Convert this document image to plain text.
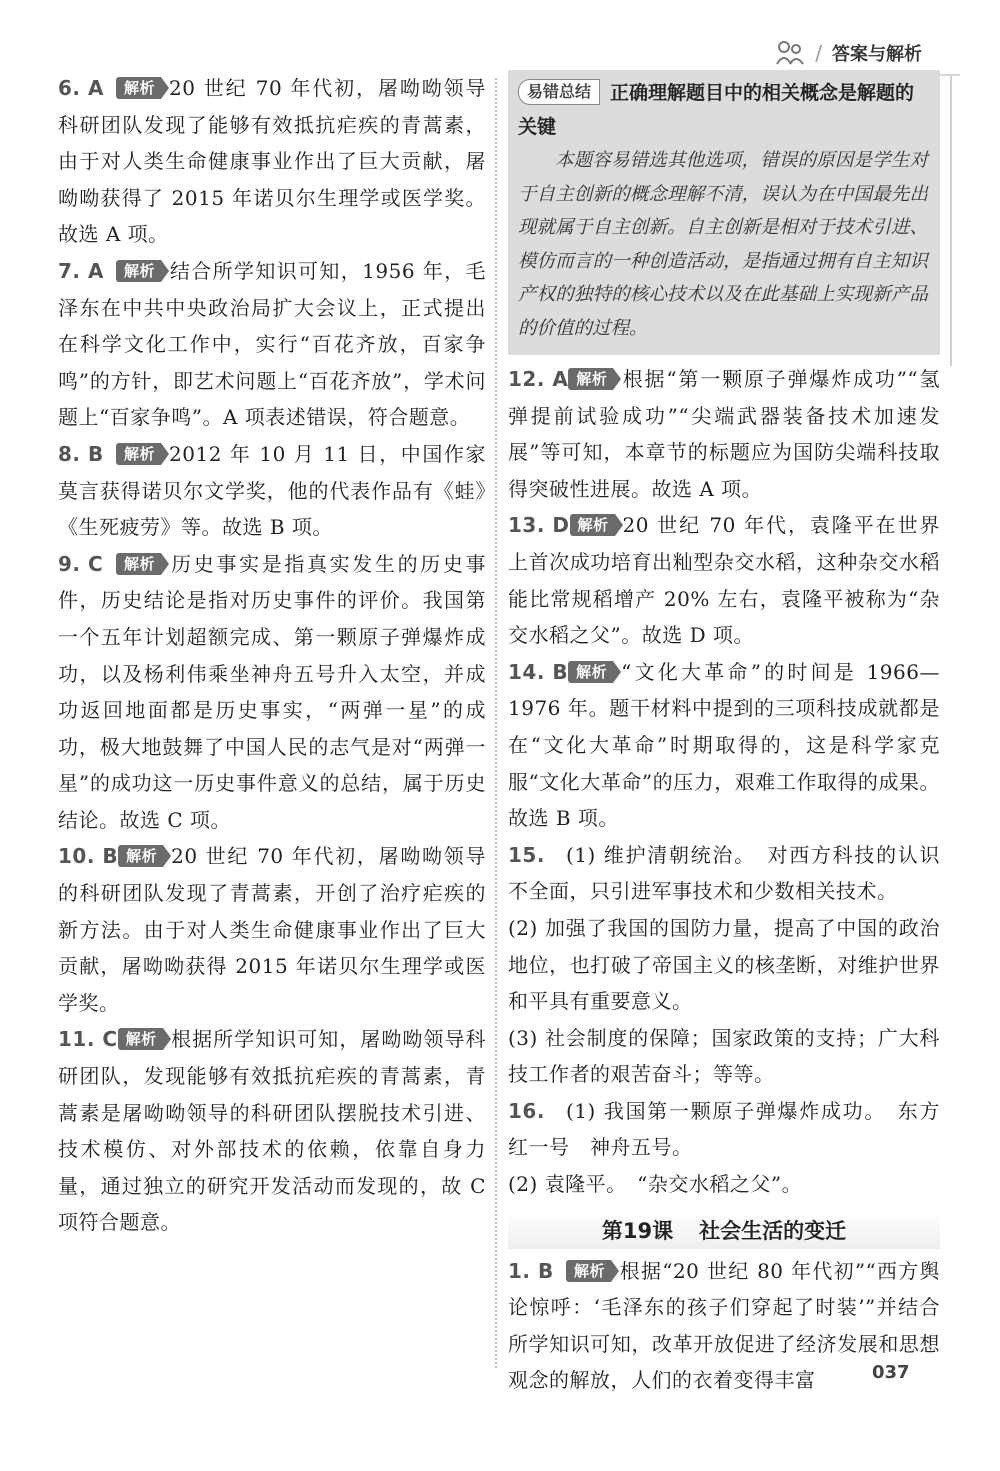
/ 答案与解析
6. A 解析 20 世纪 70 年代初，屠呦呦领导科研团队发现了能够有效抵抗疟疾的青蒿素，由于对人类生命健康事业作出了巨大贡献，屠呦呦获得了 2015 年诺贝尔生理学或医学奖。故选 A 项。
7. A 解析 结合所学知识可知，1956 年，毛泽东在中共中央政治局扩大会议上，正式提出在科学文化工作中，实行“百花齐放，百家争鸣”的方针，即艺术问题上“百花齐放”，学术问题上“百家争鸣”。A 项表述错误，符合题意。
8. B 解析 2012 年 10 月 11 日，中国作家莫言获得诺贝尔文学奖，他的代表作品有《蛙》《生死疲劳》等。故选 B 项。
9. C 解析 历史事实是指真实发生的历史事件，历史结论是指对历史事件的评价。我国第一个五年计划超额完成、第一颗原子弹爆炸成功，以及杨利伟乘坐神舟五号升入太空，并成功返回地面都是历史事实，“两弹一星”的成功，极大地鼓舞了中国人民的志气是对“两弹一星”的成功这一历史事件意义的总结，属于历史结论。故选 C 项。
10. B 解析 20 世纪 70 年代初，屠呦呦领导的科研团队发现了青蒿素，开创了治疗疟疾的新方法。由于对人类生命健康事业作出了巨大贡献，屠呦呦获得 2015 年诺贝尔生理学或医学奖。
11. C 解析 根据所学知识可知，屠呦呦领导科研团队，发现能够有效抵抗疟疾的青蒿素，青蒿素是屠呦呦领导的科研团队摆脱技术引进、技术模仿、对外部技术的依赖，依靠自身力量，通过独立的研究开发活动而发现的，故 C 项符合题意。
易错总结 正确理解题目中的相关概念是解题的关键
本题容易错选其他选项，错误的原因是学生对于自主创新的概念理解不清，误认为在中国最先出现就属于自主创新。自主创新是相对于技术引进、模仿而言的一种创造活动，是指通过拥有自主知识产权的独特的核心技术以及在此基础上实现新产品的价值的过程。
12. A 解析 根据“第一颗原子弹爆炸成功”“氢弹提前试验成功”“尖端武器装备技术加速发展”等可知，本章节的标题应为国防尖端科技取得突破性进展。故选 A 项。
13. D 解析 20 世纪 70 年代，袁隆平在世界上首次成功培育出籼型杂交水稻，这种杂交水稻能比常规稻增产 20% 左右，袁隆平被称为“杂交水稻之父”。故选 D 项。
14. B 解析 “文化大革命”的时间是 1966—1976 年。题干材料中提到的三项科技成就都是在“文化大革命”时期取得的，这是科学家克服“文化大革命”的压力，艰难工作取得的成果。故选 B 项。
15. (1) 维护清朝统治。　对西方科技的认识不全面，只引进军事技术和少数相关技术。
(2) 加强了我国的国防力量，提高了中国的政治地位，也打破了帝国主义的核垄断，对维护世界和平具有重要意义。
(3) 社会制度的保障；国家政策的支持；广大科技工作者的艰苦奋斗；等等。
16. (1) 我国第一颗原子弹爆炸成功。　东方红一号　神舟五号。
(2) 袁隆平。　“杂交水稻之父”。
第19课 社会生活的变迁
1. B 解析 根据“20 世纪 80 年代初”“西方舆论惊呼：‘毛泽东的孩子们穿起了时装’”并结合所学知识可知，改革开放促进了经济发展和思想观念的解放，人们的衣着变得丰富	037
